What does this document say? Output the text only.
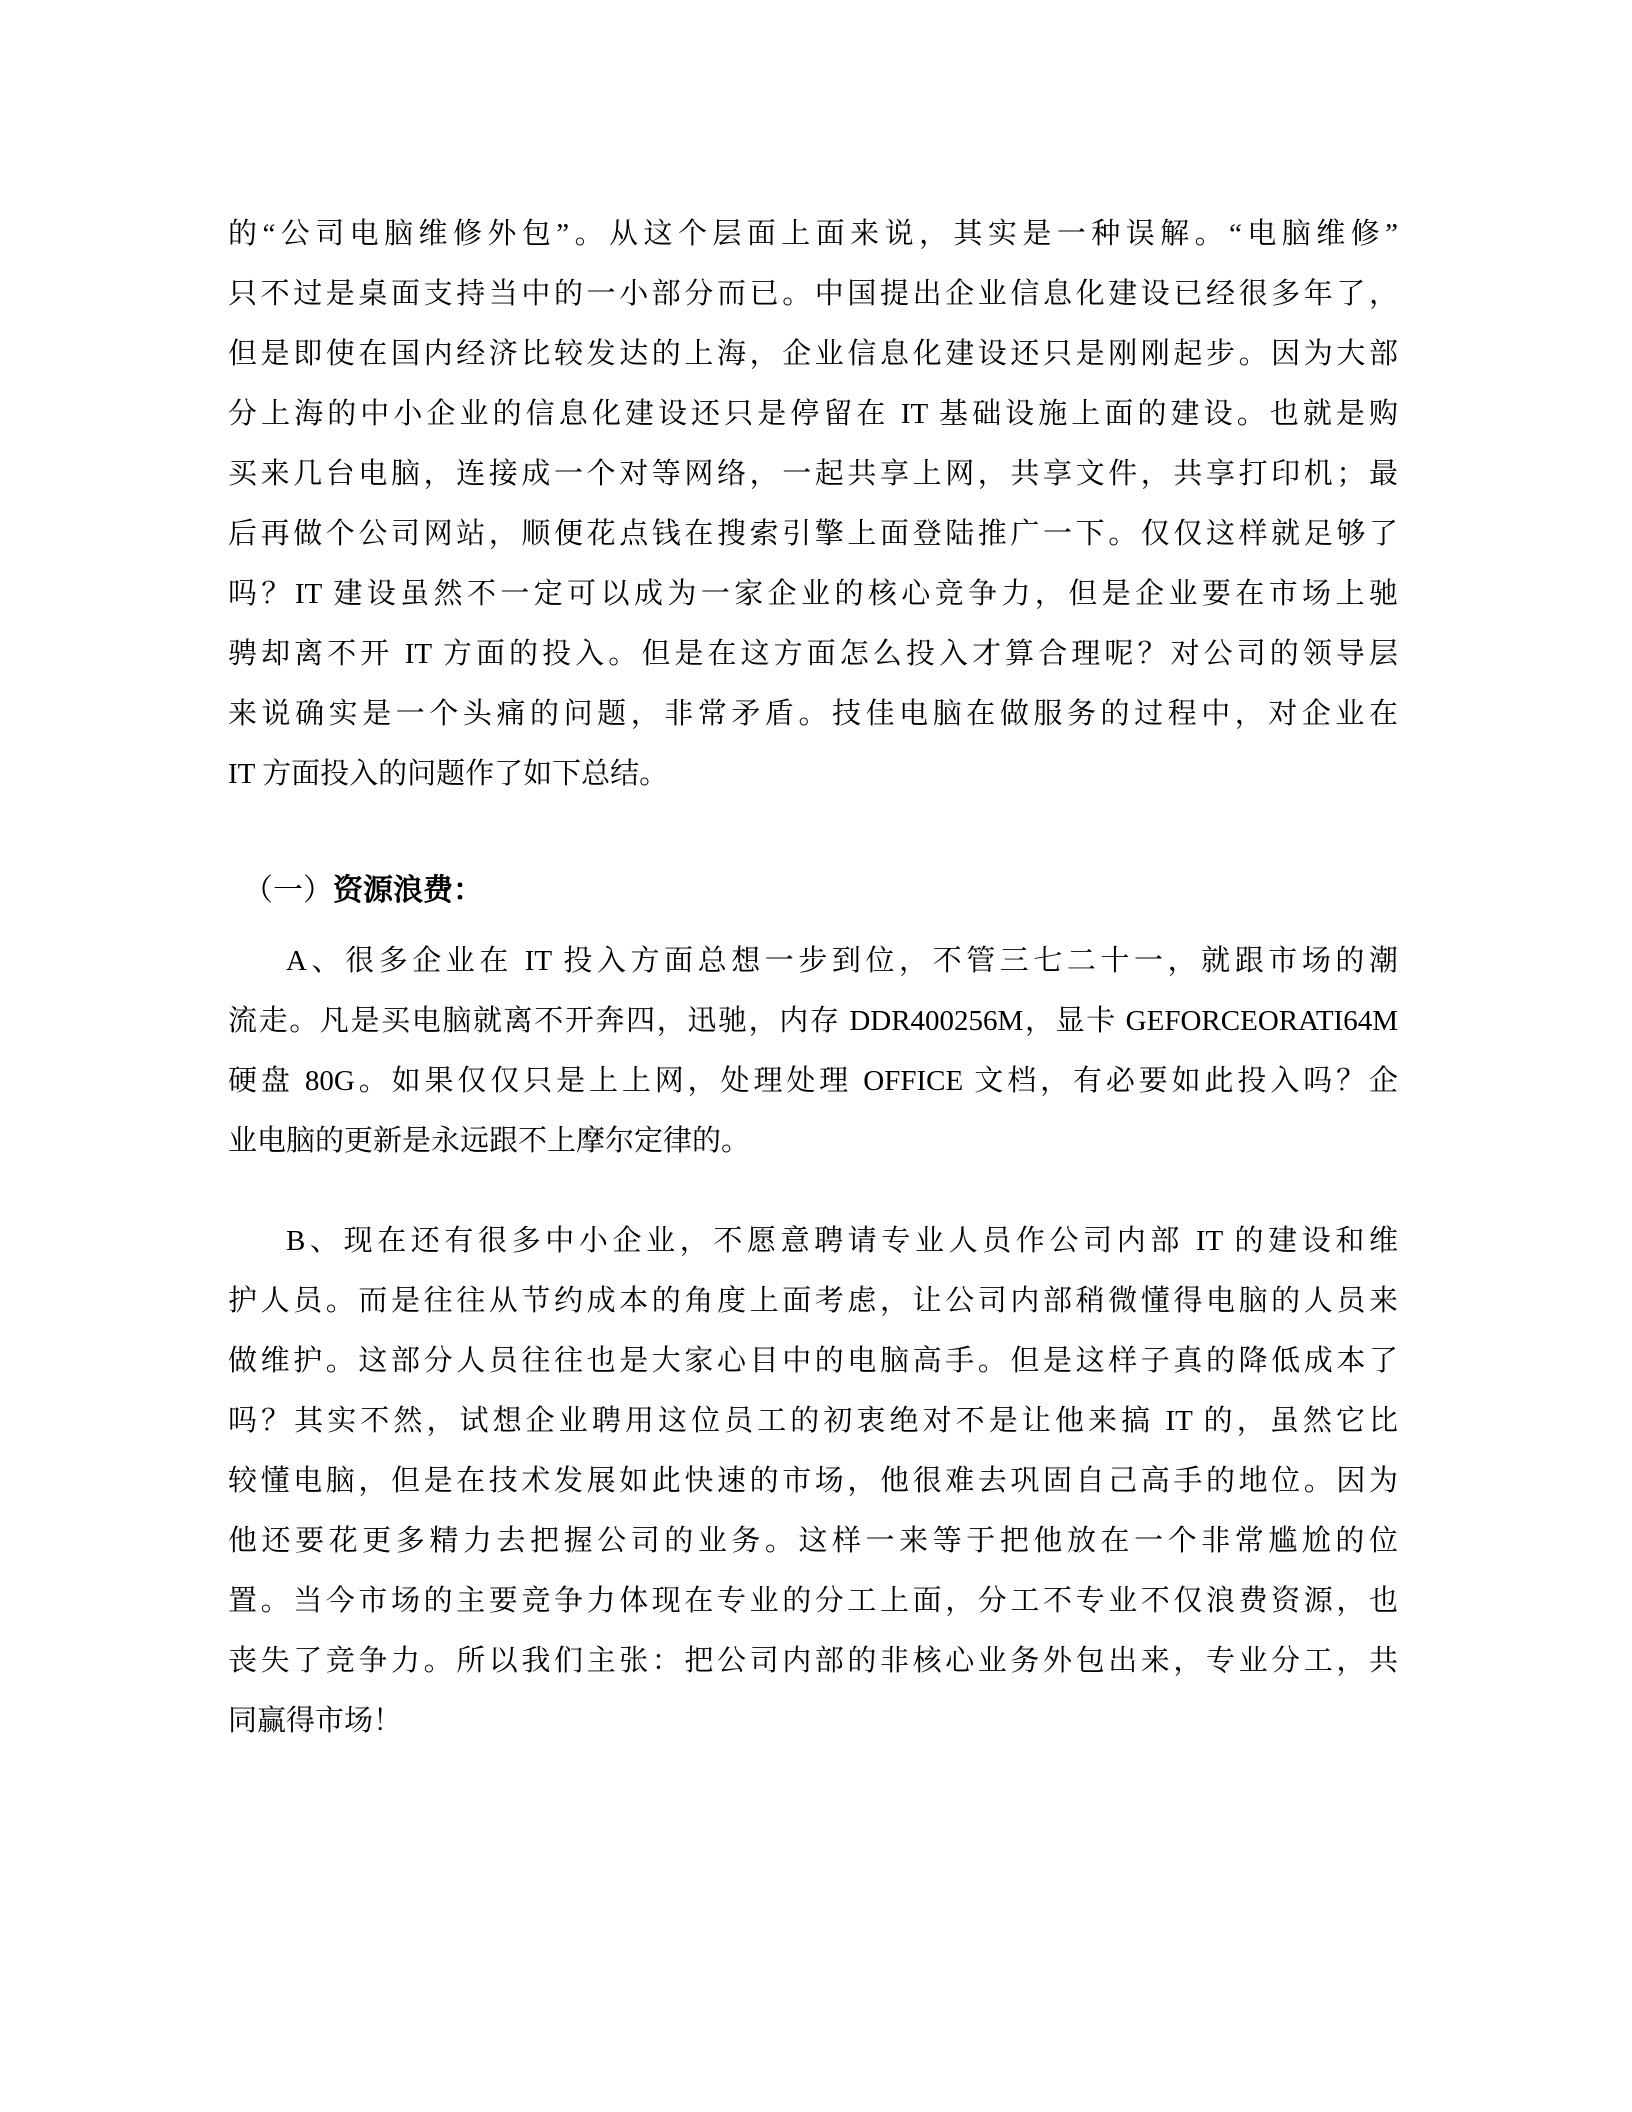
的“公司电脑维修外包”。从这个层面上面来说，其实是一种误解。“电脑维修”
只不过是桌面支持当中的一小部分而已。中国提出企业信息化建设已经很多年了，
但是即使在国内经济比较发达的上海，企业信息化建设还只是刚刚起步。因为大部
分上海的中小企业的信息化建设还只是停留在 IT 基础设施上面的建设。也就是购
买来几台电脑，连接成一个对等网络，一起共享上网，共享文件，共享打印机；最
后再做个公司网站，顺便花点钱在搜索引擎上面登陆推广一下。仅仅这样就足够了
吗？IT 建设虽然不一定可以成为一家企业的核心竞争力，但是企业要在市场上驰
骋却离不开 IT 方面的投入。但是在这方面怎么投入才算合理呢？对公司的领导层
来说确实是一个头痛的问题，非常矛盾。技佳电脑在做服务的过程中，对企业在
IT 方面投入的问题作了如下总结。

（一）资源浪费：

A、很多企业在 IT 投入方面总想一步到位，不管三七二十一，就跟市场的潮
流走。凡是买电脑就离不开奔四，迅驰，内存 DDR400256M，显卡 GEFORCEORATI64M
硬盘 80G。如果仅仅只是上上网，处理处理 OFFICE 文档，有必要如此投入吗？企
业电脑的更新是永远跟不上摩尔定律的。

B、现在还有很多中小企业，不愿意聘请专业人员作公司内部 IT 的建设和维
护人员。而是往往从节约成本的角度上面考虑，让公司内部稍微懂得电脑的人员来
做维护。这部分人员往往也是大家心目中的电脑高手。但是这样子真的降低成本了
吗？其实不然，试想企业聘用这位员工的初衷绝对不是让他来搞 IT 的，虽然它比
较懂电脑，但是在技术发展如此快速的市场，他很难去巩固自己高手的地位。因为
他还要花更多精力去把握公司的业务。这样一来等于把他放在一个非常尴尬的位
置。当今市场的主要竞争力体现在专业的分工上面，分工不专业不仅浪费资源，也
丧失了竞争力。所以我们主张：把公司内部的非核心业务外包出来，专业分工，共
同赢得市场！
